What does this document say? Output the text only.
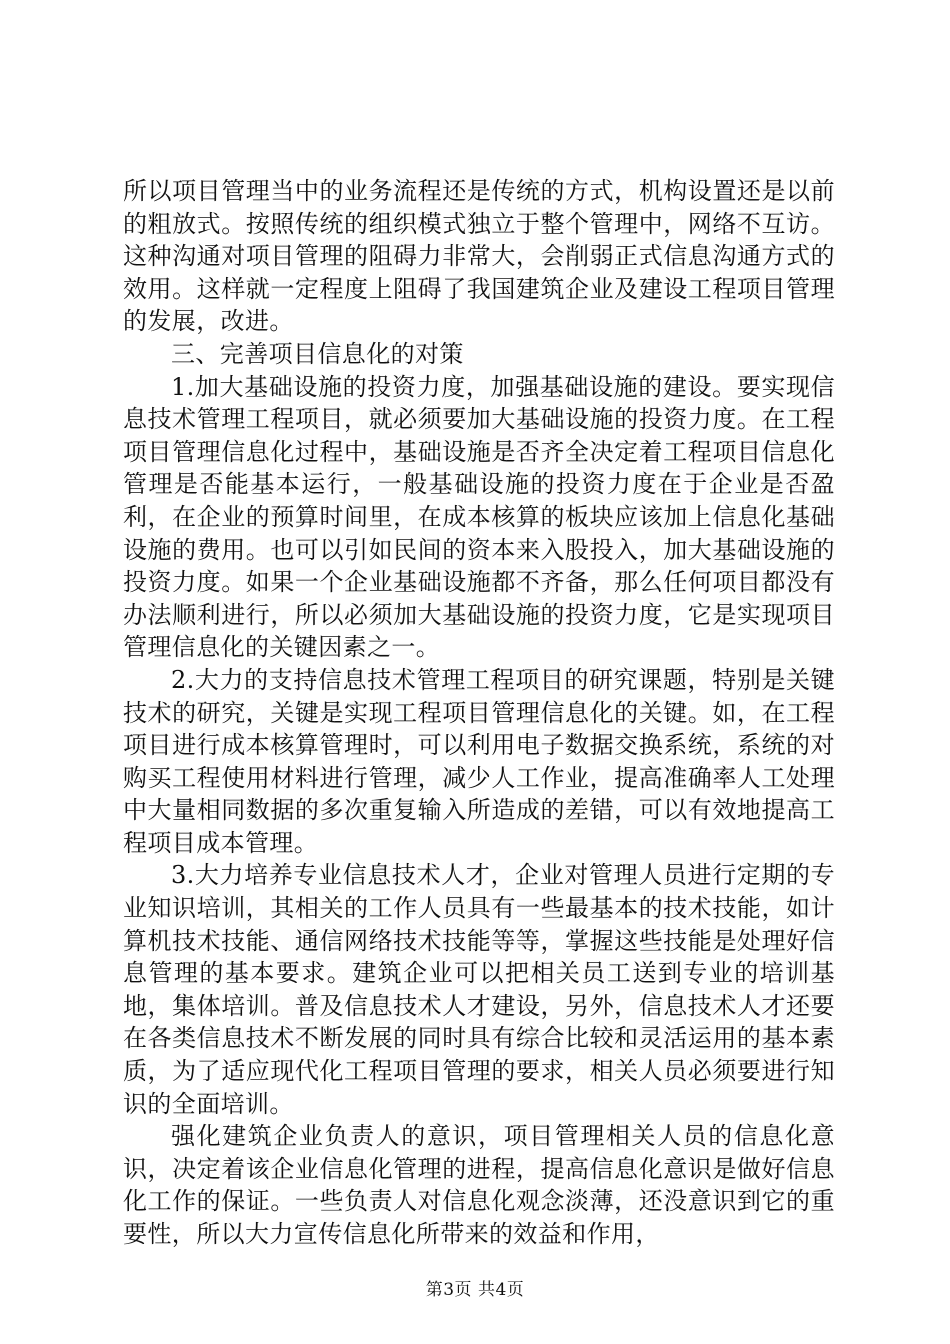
所以项目管理当中的业务流程还是传统的方式，机构设置还是以前的粗放式。按照传统的组织模式独立于整个管理中，网络不互访。这种沟通对项目管理的阻碍力非常大，会削弱正式信息沟通方式的效用。这样就一定程度上阻碍了我国建筑企业及建设工程项目管理的发展，改进。

三、完善项目信息化的对策

1.加大基础设施的投资力度，加强基础设施的建设。要实现信息技术管理工程项目，就必须要加大基础设施的投资力度。在工程项目管理信息化过程中，基础设施是否齐全决定着工程项目信息化管理是否能基本运行，一般基础设施的投资力度在于企业是否盈利，在企业的预算时间里，在成本核算的板块应该加上信息化基础设施的费用。也可以引如民间的资本来入股投入，加大基础设施的投资力度。如果一个企业基础设施都不齐备，那么任何项目都没有办法顺利进行，所以必须加大基础设施的投资力度，它是实现项目管理信息化的关键因素之一。

2.大力的支持信息技术管理工程项目的研究课题，特别是关键技术的研究，关键是实现工程项目管理信息化的关键。如，在工程项目进行成本核算管理时，可以利用电子数据交换系统，系统的对购买工程使用材料进行管理，减少人工作业，提高准确率人工处理中大量相同数据的多次重复输入所造成的差错，可以有效地提高工程项目成本管理。

3.大力培养专业信息技术人才，企业对管理人员进行定期的专业知识培训，其相关的工作人员具有一些最基本的技术技能，如计算机技术技能、通信网络技术技能等等，掌握这些技能是处理好信息管理的基本要求。建筑企业可以把相关员工送到专业的培训基地，集体培训。普及信息技术人才建设，另外，信息技术人才还要在各类信息技术不断发展的同时具有综合比较和灵活运用的基本素质，为了适应现代化工程项目管理的要求，相关人员必须要进行知识的全面培训。

强化建筑企业负责人的意识，项目管理相关人员的信息化意识，决定着该企业信息化管理的进程，提高信息化意识是做好信息化工作的保证。一些负责人对信息化观念淡薄，还没意识到它的重要性，所以大力宣传信息化所带来的效益和作用，

第3页 共4页
